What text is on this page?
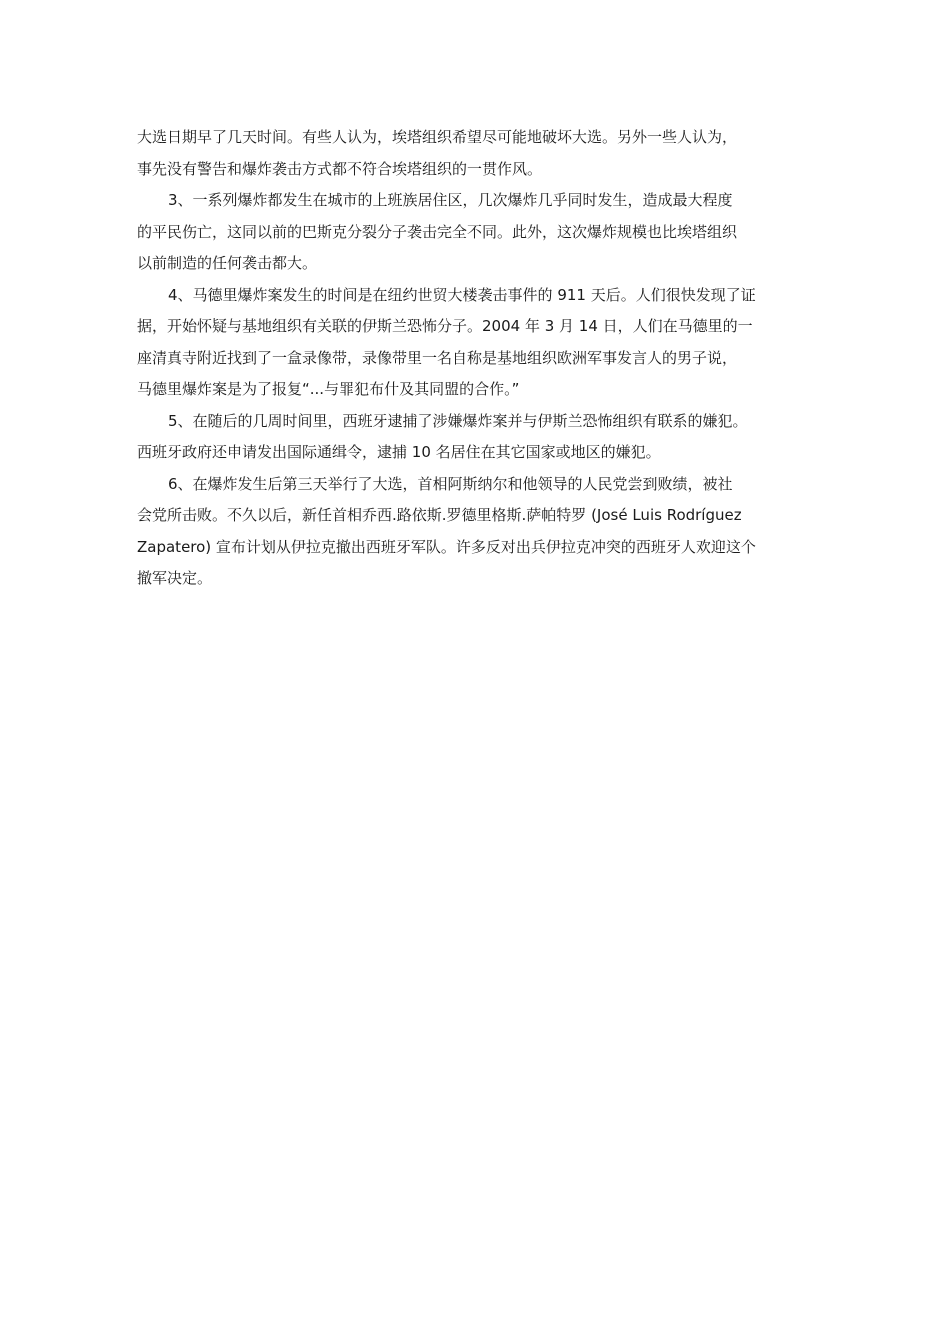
大选日期早了几天时间。有些人认为，埃塔组织希望尽可能地破坏大选。另外一些人认为，
事先没有警告和爆炸袭击方式都不符合埃塔组织的一贯作风。
3、一系列爆炸都发生在城市的上班族居住区，几次爆炸几乎同时发生，造成最大程度
的平民伤亡，这同以前的巴斯克分裂分子袭击完全不同。此外，这次爆炸规模也比埃塔组织
以前制造的任何袭击都大。
4、马德里爆炸案发生的时间是在纽约世贸大楼袭击事件的 911 天后。人们很快发现了证
据，开始怀疑与基地组织有关联的伊斯兰恐怖分子。2004 年 3 月 14 日，人们在马德里的一
座清真寺附近找到了一盒录像带，录像带里一名自称是基地组织欧洲军事发言人的男子说，
马德里爆炸案是为了报复“...与罪犯布什及其同盟的合作。”
5、在随后的几周时间里，西班牙逮捕了涉嫌爆炸案并与伊斯兰恐怖组织有联系的嫌犯。
西班牙政府还申请发出国际通缉令，逮捕 10 名居住在其它国家或地区的嫌犯。
6、在爆炸发生后第三天举行了大选，首相阿斯纳尔和他领导的人民党尝到败绩，被社
会党所击败。不久以后，新任首相乔西.路依斯.罗德里格斯.萨帕特罗 (José Luis Rodríguez
Zapatero) 宣布计划从伊拉克撤出西班牙军队。许多反对出兵伊拉克冲突的西班牙人欢迎这个
撤军决定。
